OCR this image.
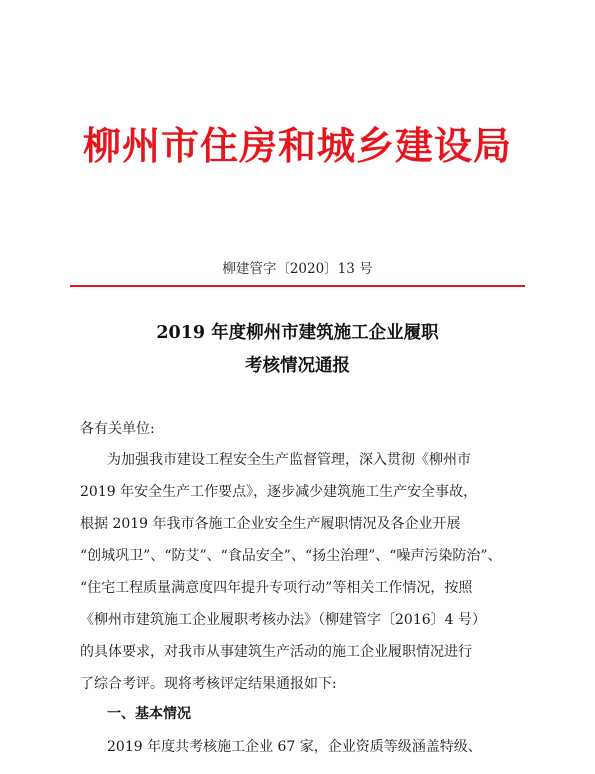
柳州市住房和城乡建设局
柳建管字〔2020〕13 号
2019 年度柳州市建筑施工企业履职
考核情况通报
各有关单位:
为加强我市建设工程安全生产监督管理，深入贯彻《柳州市
2019 年安全生产工作要点》，逐步减少建筑施工生产安全事故，
根据 2019 年我市各施工企业安全生产履职情况及各企业开展
“创城巩卫”、“防艾”、“食品安全”、“扬尘治理”、“噪声污染防治”、
“住宅工程质量满意度四年提升专项行动”等相关工作情况，按照
《柳州市建筑施工企业履职考核办法》（柳建管字〔2016〕4 号）
的具体要求，对我市从事建筑生产活动的施工企业履职情况进行
了综合考评。现将考核评定结果通报如下:
一、基本情况
2019 年度共考核施工企业 67 家，企业资质等级涵盖特级、
